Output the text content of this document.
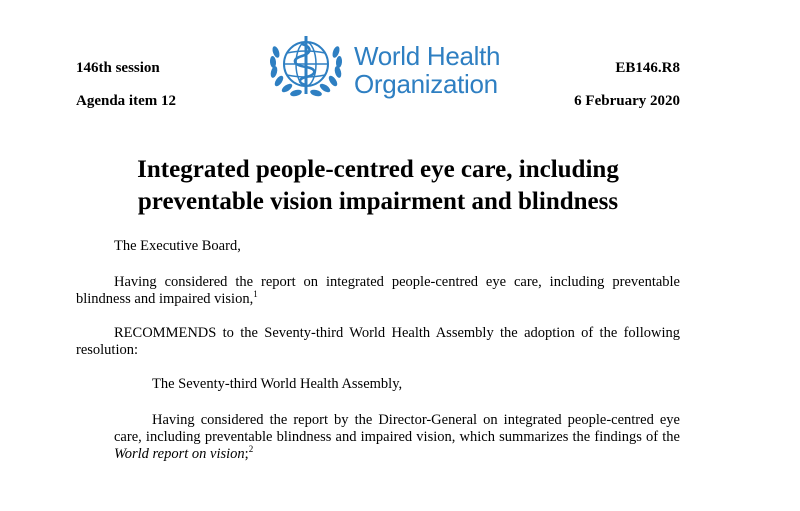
146th session
Agenda item 12
EB146.R8
6 February 2020
World Health
Organization
Integrated people-centred eye care, including
preventable vision impairment and blindness
The Executive Board,
Having considered the report on integrated people-centred eye care, including preventable blindness and impaired vision,$^1$
RECOMMENDS to the Seventy-third World Health Assembly the adoption of the following resolution:
The Seventy-third World Health Assembly,
Having considered the report by the Director-General on integrated people-centred eye care, including preventable blindness and impaired vision, which summarizes the findings of the World report on vision;$^2$
